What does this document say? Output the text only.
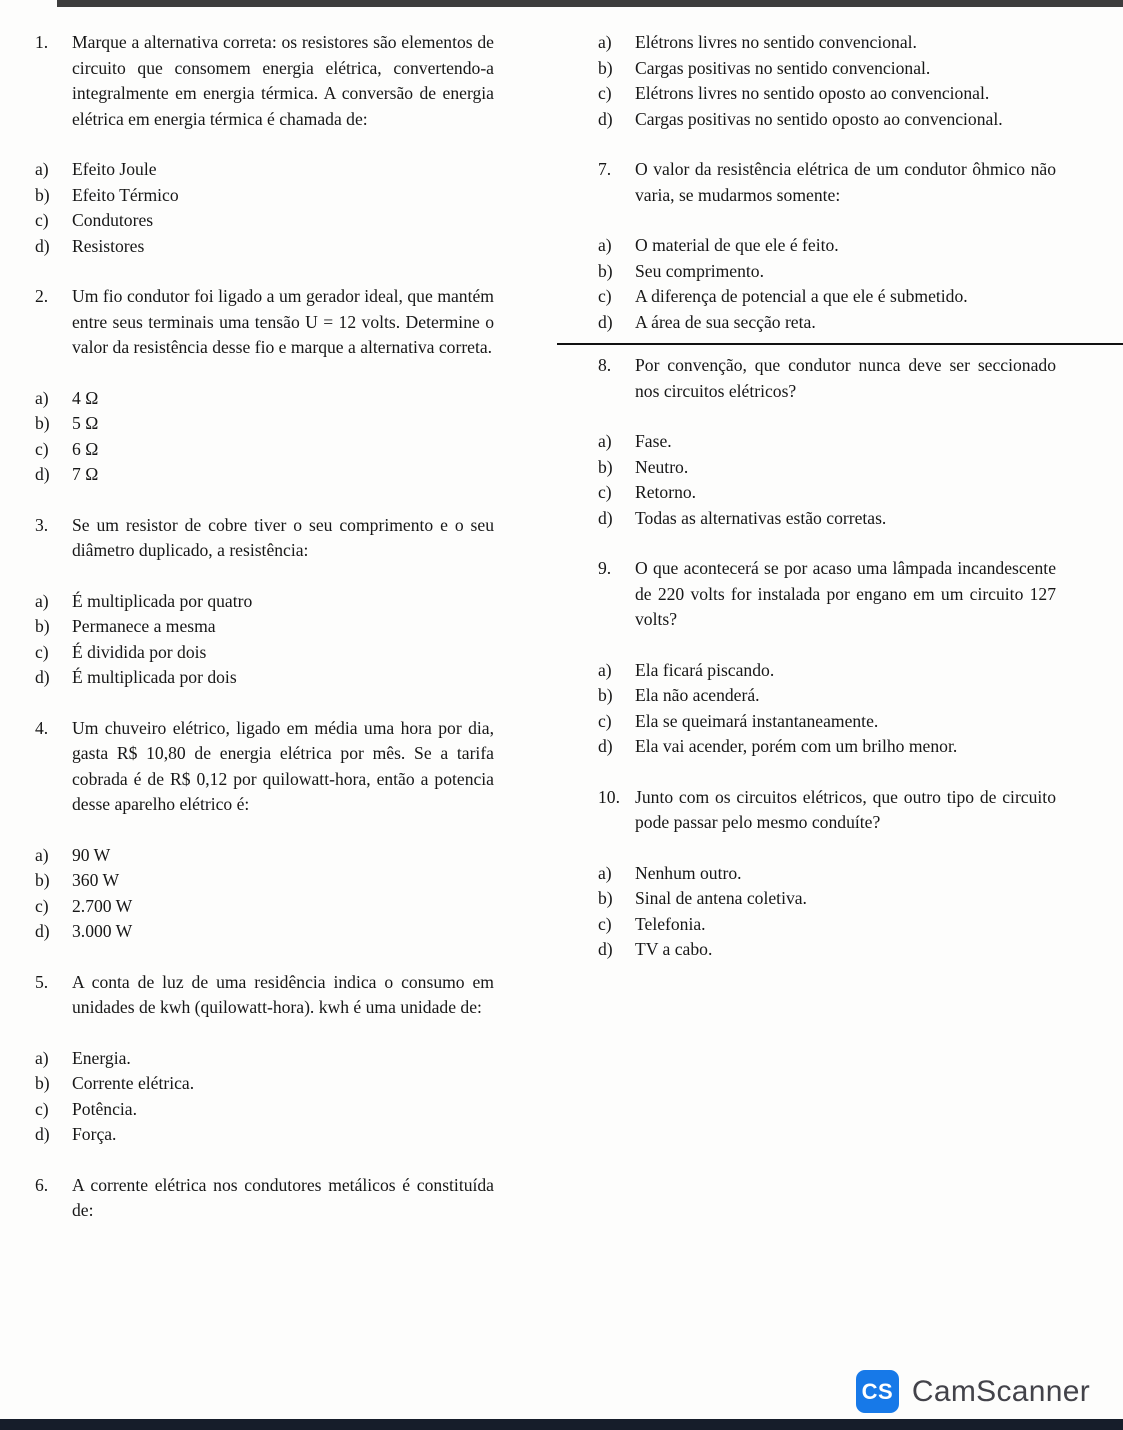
1.	Marque a alternativa correta: os resistores são elementos de circuito que consomem energia elétrica, convertendo-a integralmente em energia térmica. A conversão de energia elétrica em energia térmica é chamada de:
a)	Efeito Joule
b)	Efeito Térmico
c)	Condutores
d)	Resistores
2.	Um fio condutor foi ligado a um gerador ideal, que mantém entre seus terminais uma tensão U = 12 volts. Determine o valor da resistência desse fio e marque a alternativa correta.
a)	4 Ω
b)	5 Ω
c)	6 Ω
d)	7 Ω
3.	Se um resistor de cobre tiver o seu comprimento e o seu diâmetro duplicado, a resistência:
a)	É multiplicada por quatro
b)	Permanece a mesma
c)	É dividida por dois
d)	É multiplicada por dois
4.	Um chuveiro elétrico, ligado em média uma hora por dia, gasta R$ 10,80 de energia elétrica por mês. Se a tarifa cobrada é de R$ 0,12 por quilowatt-hora, então a potencia desse aparelho elétrico é:
a)	90 W
b)	360 W
c)	2.700 W
d)	3.000 W
5.	A conta de luz de uma residência indica o consumo em unidades de kwh (quilowatt-hora). kwh é uma unidade de:
a)	Energia.
b)	Corrente elétrica.
c)	Potência.
d)	Força.
6.	A corrente elétrica nos condutores metálicos é constituída de:
a)	Elétrons livres no sentido convencional.
b)	Cargas positivas no sentido convencional.
c)	Elétrons livres no sentido oposto ao convencional.
d)	Cargas positivas no sentido oposto ao convencional.
7.	O valor da resistência elétrica de um condutor ôhmico não varia, se mudarmos somente:
a)	O material de que ele é feito.
b)	Seu comprimento.
c)	A diferença de potencial a que ele é submetido.
d)	A área de sua secção reta.
8.	Por convenção, que condutor nunca deve ser seccionado nos circuitos elétricos?
a)	Fase.
b)	Neutro.
c)	Retorno.
d)	Todas as alternativas estão corretas.
9.	O que acontecerá se por acaso uma lâmpada incandescente de 220 volts for instalada por engano em um circuito 127 volts?
a)	Ela ficará piscando.
b)	Ela não acenderá.
c)	Ela se queimará instantaneamente.
d)	Ela vai acender, porém com um brilho menor.
10. Junto com os circuitos elétricos, que outro tipo de circuito pode passar pelo mesmo conduíte?
a)	Nenhum outro.
b)	Sinal de antena coletiva.
c)	Telefonia.
d)	TV a cabo.
CS CamScanner
